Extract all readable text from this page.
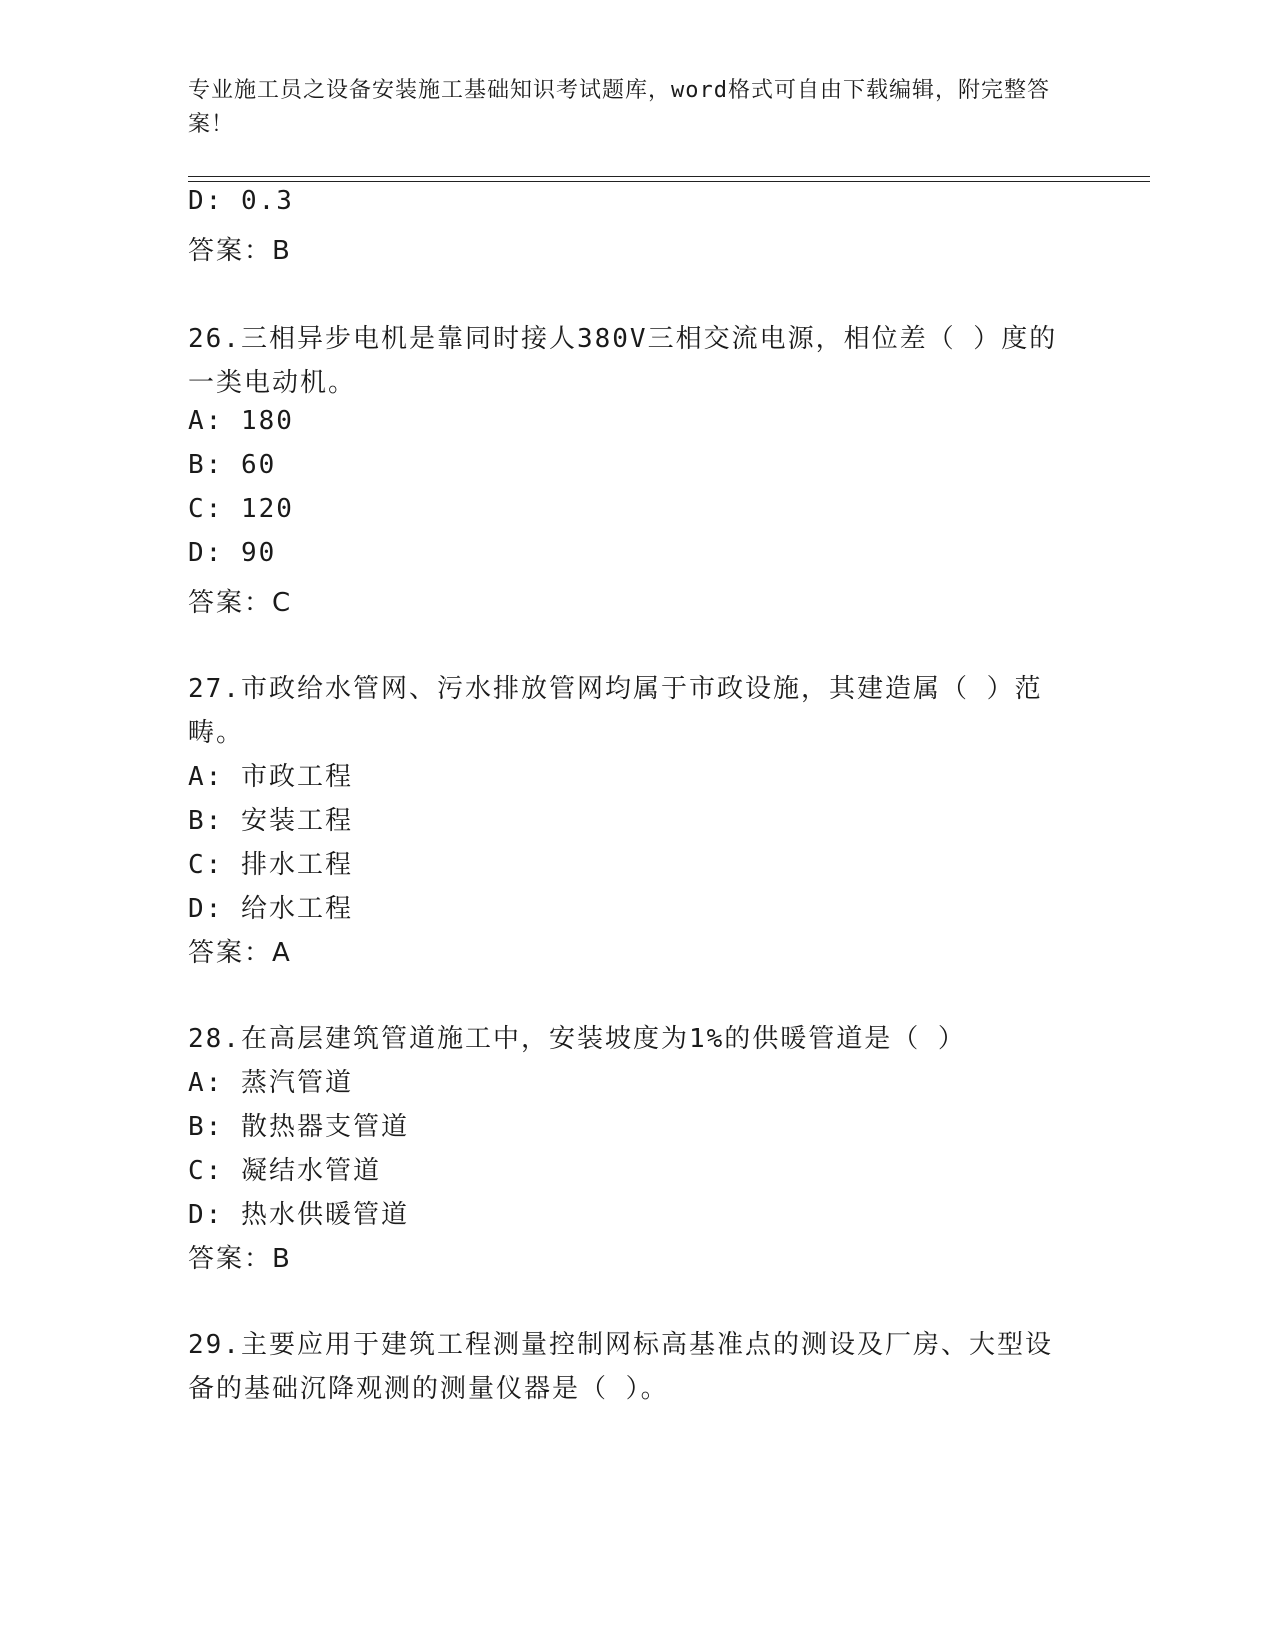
专业施工员之设备安装施工基础知识考试题库，word格式可自由下载编辑，附完整答案！
D: 0.3
答案：B
26.三相异步电机是靠同时接人380V三相交流电源，相位差（ ）度的
一类电动机。
A: 180
B: 60
C: 120
D: 90
答案：C
27.市政给水管网、污水排放管网均属于市政设施，其建造属（ ）范
畴。
A: 市政工程
B: 安装工程
C: 排水工程
D: 给水工程
答案：A
28.在高层建筑管道施工中，安装坡度为1%的供暖管道是（ ）
A: 蒸汽管道
B: 散热器支管道
C: 凝结水管道
D: 热水供暖管道
答案：B
29.主要应用于建筑工程测量控制网标高基准点的测设及厂房、大型设
备的基础沉降观测的测量仪器是（ ）。
